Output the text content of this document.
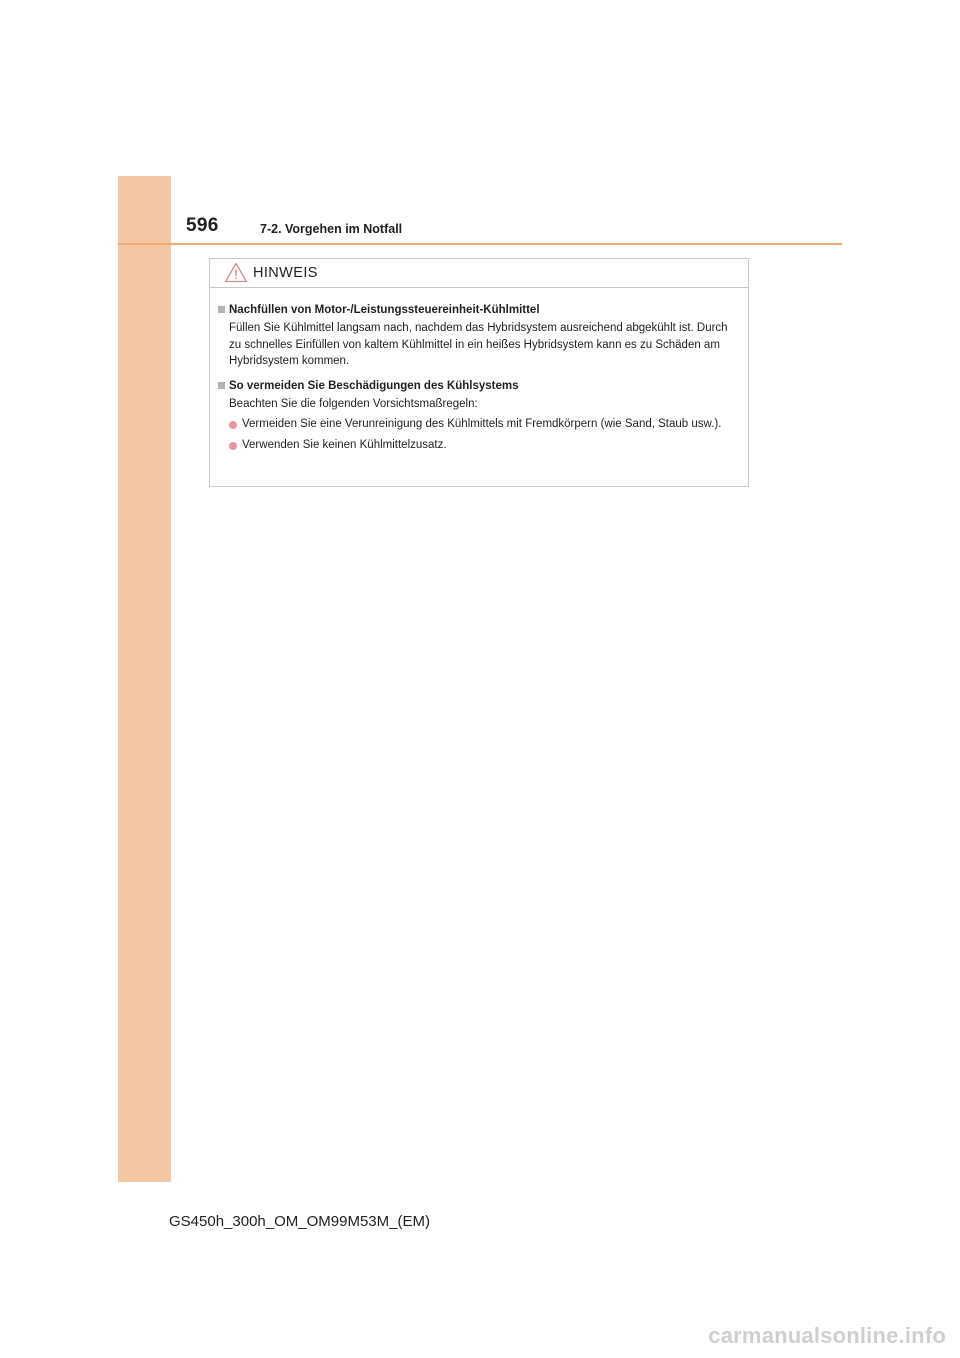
596	7-2. Vorgehen im Notfall
HINWEIS
Nachfüllen von Motor-/Leistungssteuereinheit-Kühlmittel
Füllen Sie Kühlmittel langsam nach, nachdem das Hybridsystem ausreichend abgekühlt ist. Durch zu schnelles Einfüllen von kaltem Kühlmittel in ein heißes Hybridsystem kann es zu Schäden am Hybridsystem kommen.
So vermeiden Sie Beschädigungen des Kühlsystems
Beachten Sie die folgenden Vorsichtsmaßregeln:
Vermeiden Sie eine Verunreinigung des Kühlmittels mit Fremdkörpern (wie Sand, Staub usw.).
Verwenden Sie keinen Kühlmittelzusatz.
GS450h_300h_OM_OM99M53M_(EM)
carmanualsonline.info
